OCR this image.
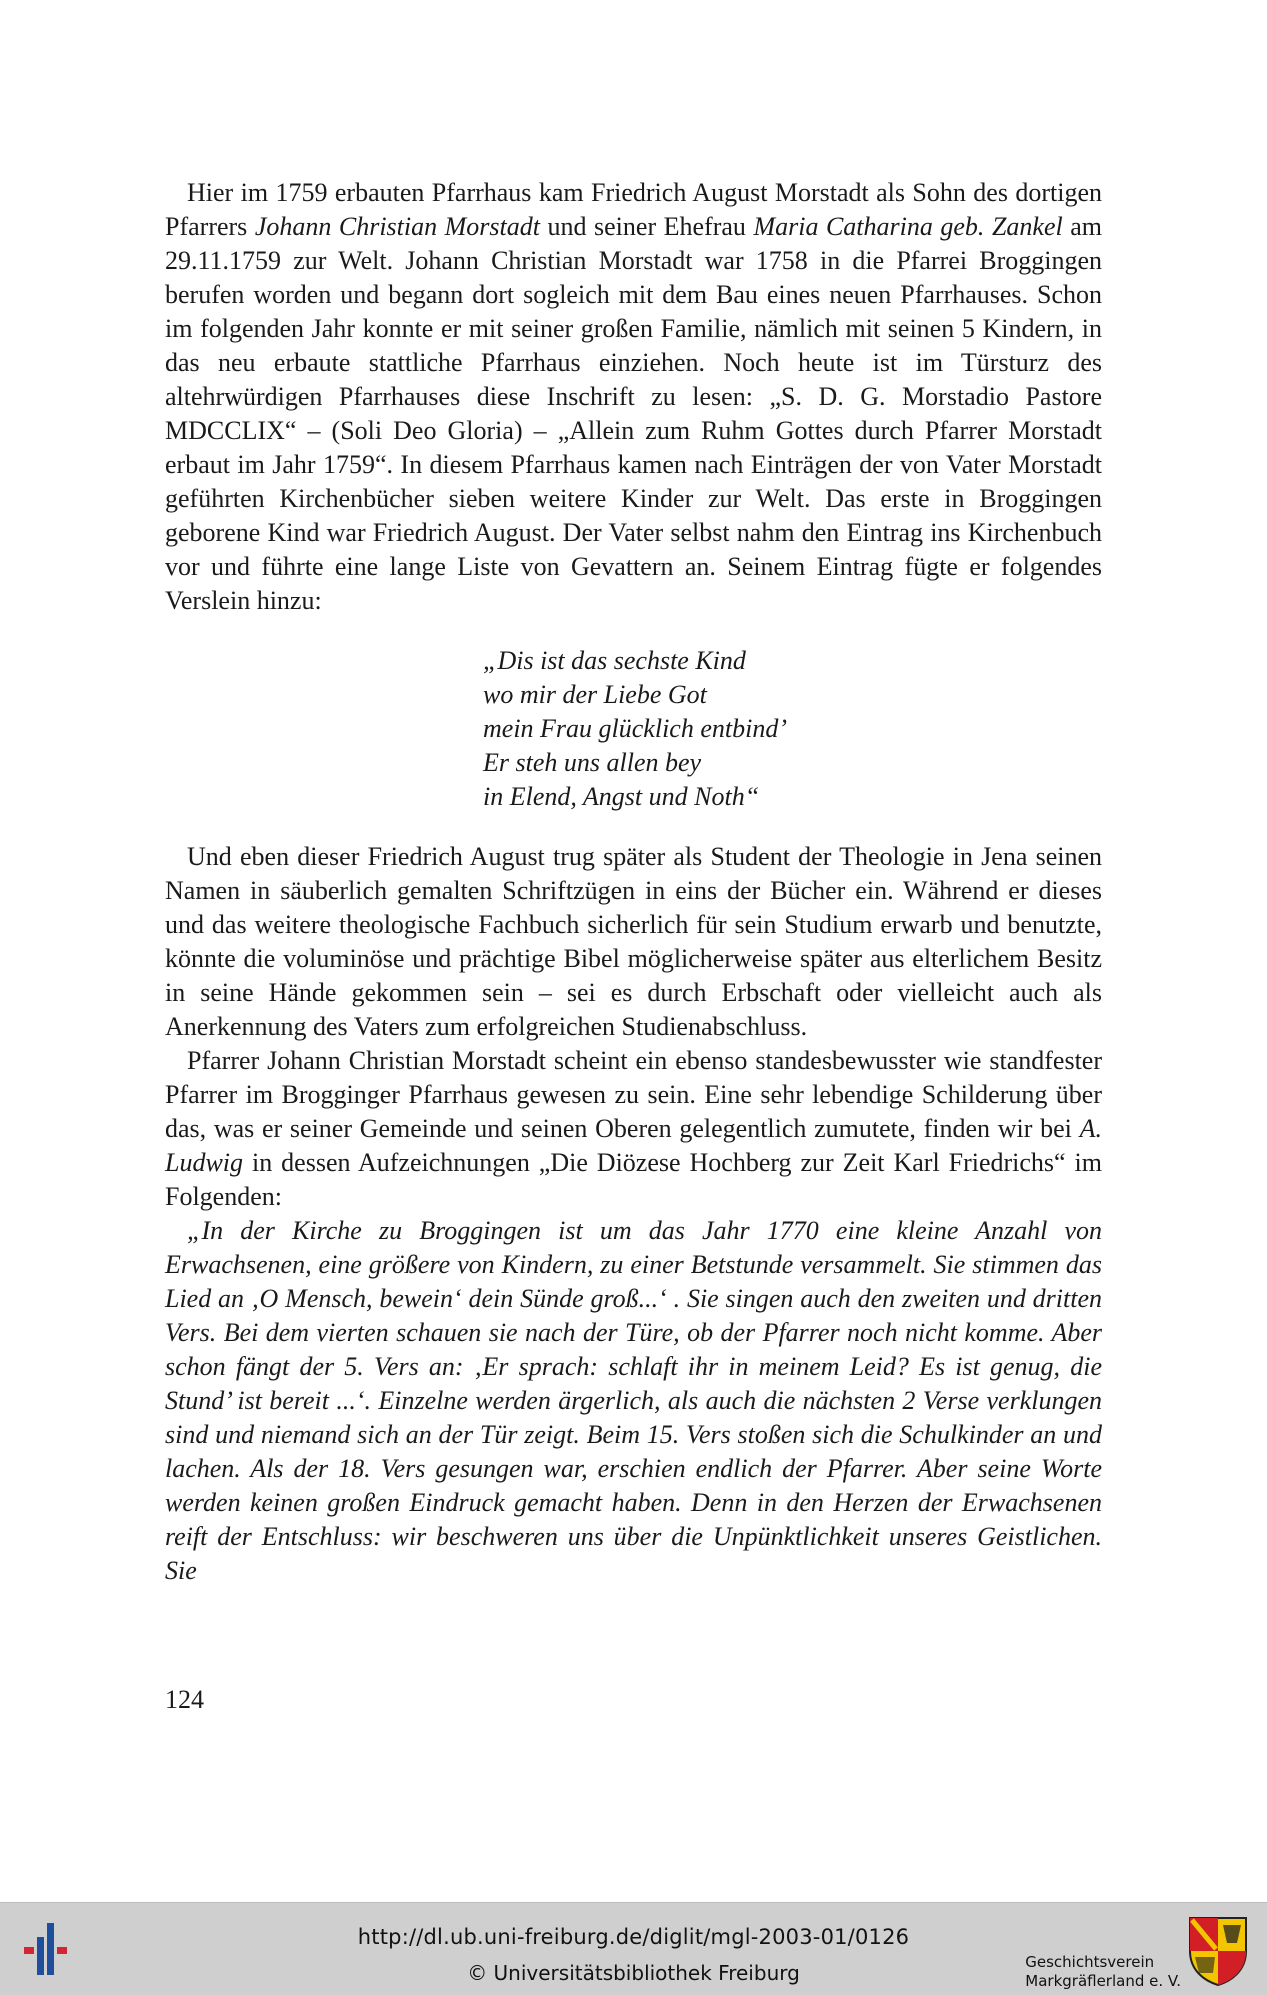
Hier im 1759 erbauten Pfarrhaus kam Friedrich August Morstadt als Sohn des dortigen Pfarrers Johann Christian Morstadt und seiner Ehefrau Maria Catharina geb. Zankel am 29.11.1759 zur Welt. Johann Christian Morstadt war 1758 in die Pfarrei Broggingen berufen worden und begann dort sogleich mit dem Bau eines neuen Pfarrhauses. Schon im folgenden Jahr konnte er mit seiner großen Familie, nämlich mit seinen 5 Kindern, in das neu erbaute stattliche Pfarrhaus einziehen. Noch heute ist im Türsturz des altehrwürdigen Pfarrhauses diese Inschrift zu lesen: „S. D. G. Morstadio Pastore MDCCLIX“ – (Soli Deo Gloria) – „Allein zum Ruhm Gottes durch Pfarrer Morstadt erbaut im Jahr 1759“. In diesem Pfarrhaus kamen nach Einträgen der von Vater Morstadt geführten Kirchenbücher sieben weitere Kinder zur Welt. Das erste in Broggingen geborene Kind war Friedrich August. Der Vater selbst nahm den Eintrag ins Kirchenbuch vor und führte eine lange Liste von Gevattern an. Seinem Eintrag fügte er folgendes Verslein hinzu:

„Dis ist das sechste Kind
wo mir der Liebe Got
mein Frau glücklich entbind’
Er steh uns allen bey
in Elend, Angst und Noth“

Und eben dieser Friedrich August trug später als Student der Theologie in Jena seinen Namen in säuberlich gemalten Schriftzügen in eins der Bücher ein. Während er dieses und das weitere theologische Fachbuch sicherlich für sein Studium erwarb und benutzte, könnte die voluminöse und prächtige Bibel möglicherweise später aus elterlichem Besitz in seine Hände gekommen sein – sei es durch Erbschaft oder vielleicht auch als Anerkennung des Vaters zum erfolgreichen Studienabschluss.

Pfarrer Johann Christian Morstadt scheint ein ebenso standesbewusster wie standfester Pfarrer im Brogginger Pfarrhaus gewesen zu sein. Eine sehr lebendige Schilderung über das, was er seiner Gemeinde und seinen Oberen gelegentlich zumutete, finden wir bei A. Ludwig in dessen Aufzeichnungen „Die Diözese Hochberg zur Zeit Karl Friedrichs“ im Folgenden:

„In der Kirche zu Broggingen ist um das Jahr 1770 eine kleine Anzahl von Erwachsenen, eine größere von Kindern, zu einer Betstunde versammelt. Sie stimmen das Lied an ‚O Mensch, bewein‘ dein Sünde groß...‘ . Sie singen auch den zweiten und dritten Vers. Bei dem vierten schauen sie nach der Türe, ob der Pfarrer noch nicht komme. Aber schon fängt der 5. Vers an: ‚Er sprach: schlaft ihr in meinem Leid? Es ist genug, die Stund’ ist bereit ...‘. Einzelne werden ärgerlich, als auch die nächsten 2 Verse verklungen sind und niemand sich an der Tür zeigt. Beim 15. Vers stoßen sich die Schulkinder an und lachen. Als der 18. Vers gesungen war, erschien endlich der Pfarrer. Aber seine Worte werden keinen großen Eindruck gemacht haben. Denn in den Herzen der Erwachsenen reift der Entschluss: wir beschweren uns über die Unpünktlichkeit unseres Geistlichen. Sie

124
http://dl.ub.uni-freiburg.de/diglit/mgl-2003-01/0126
© Universitätsbibliothek Freiburg	Geschichtsverein
Markgräflerland e. V.
